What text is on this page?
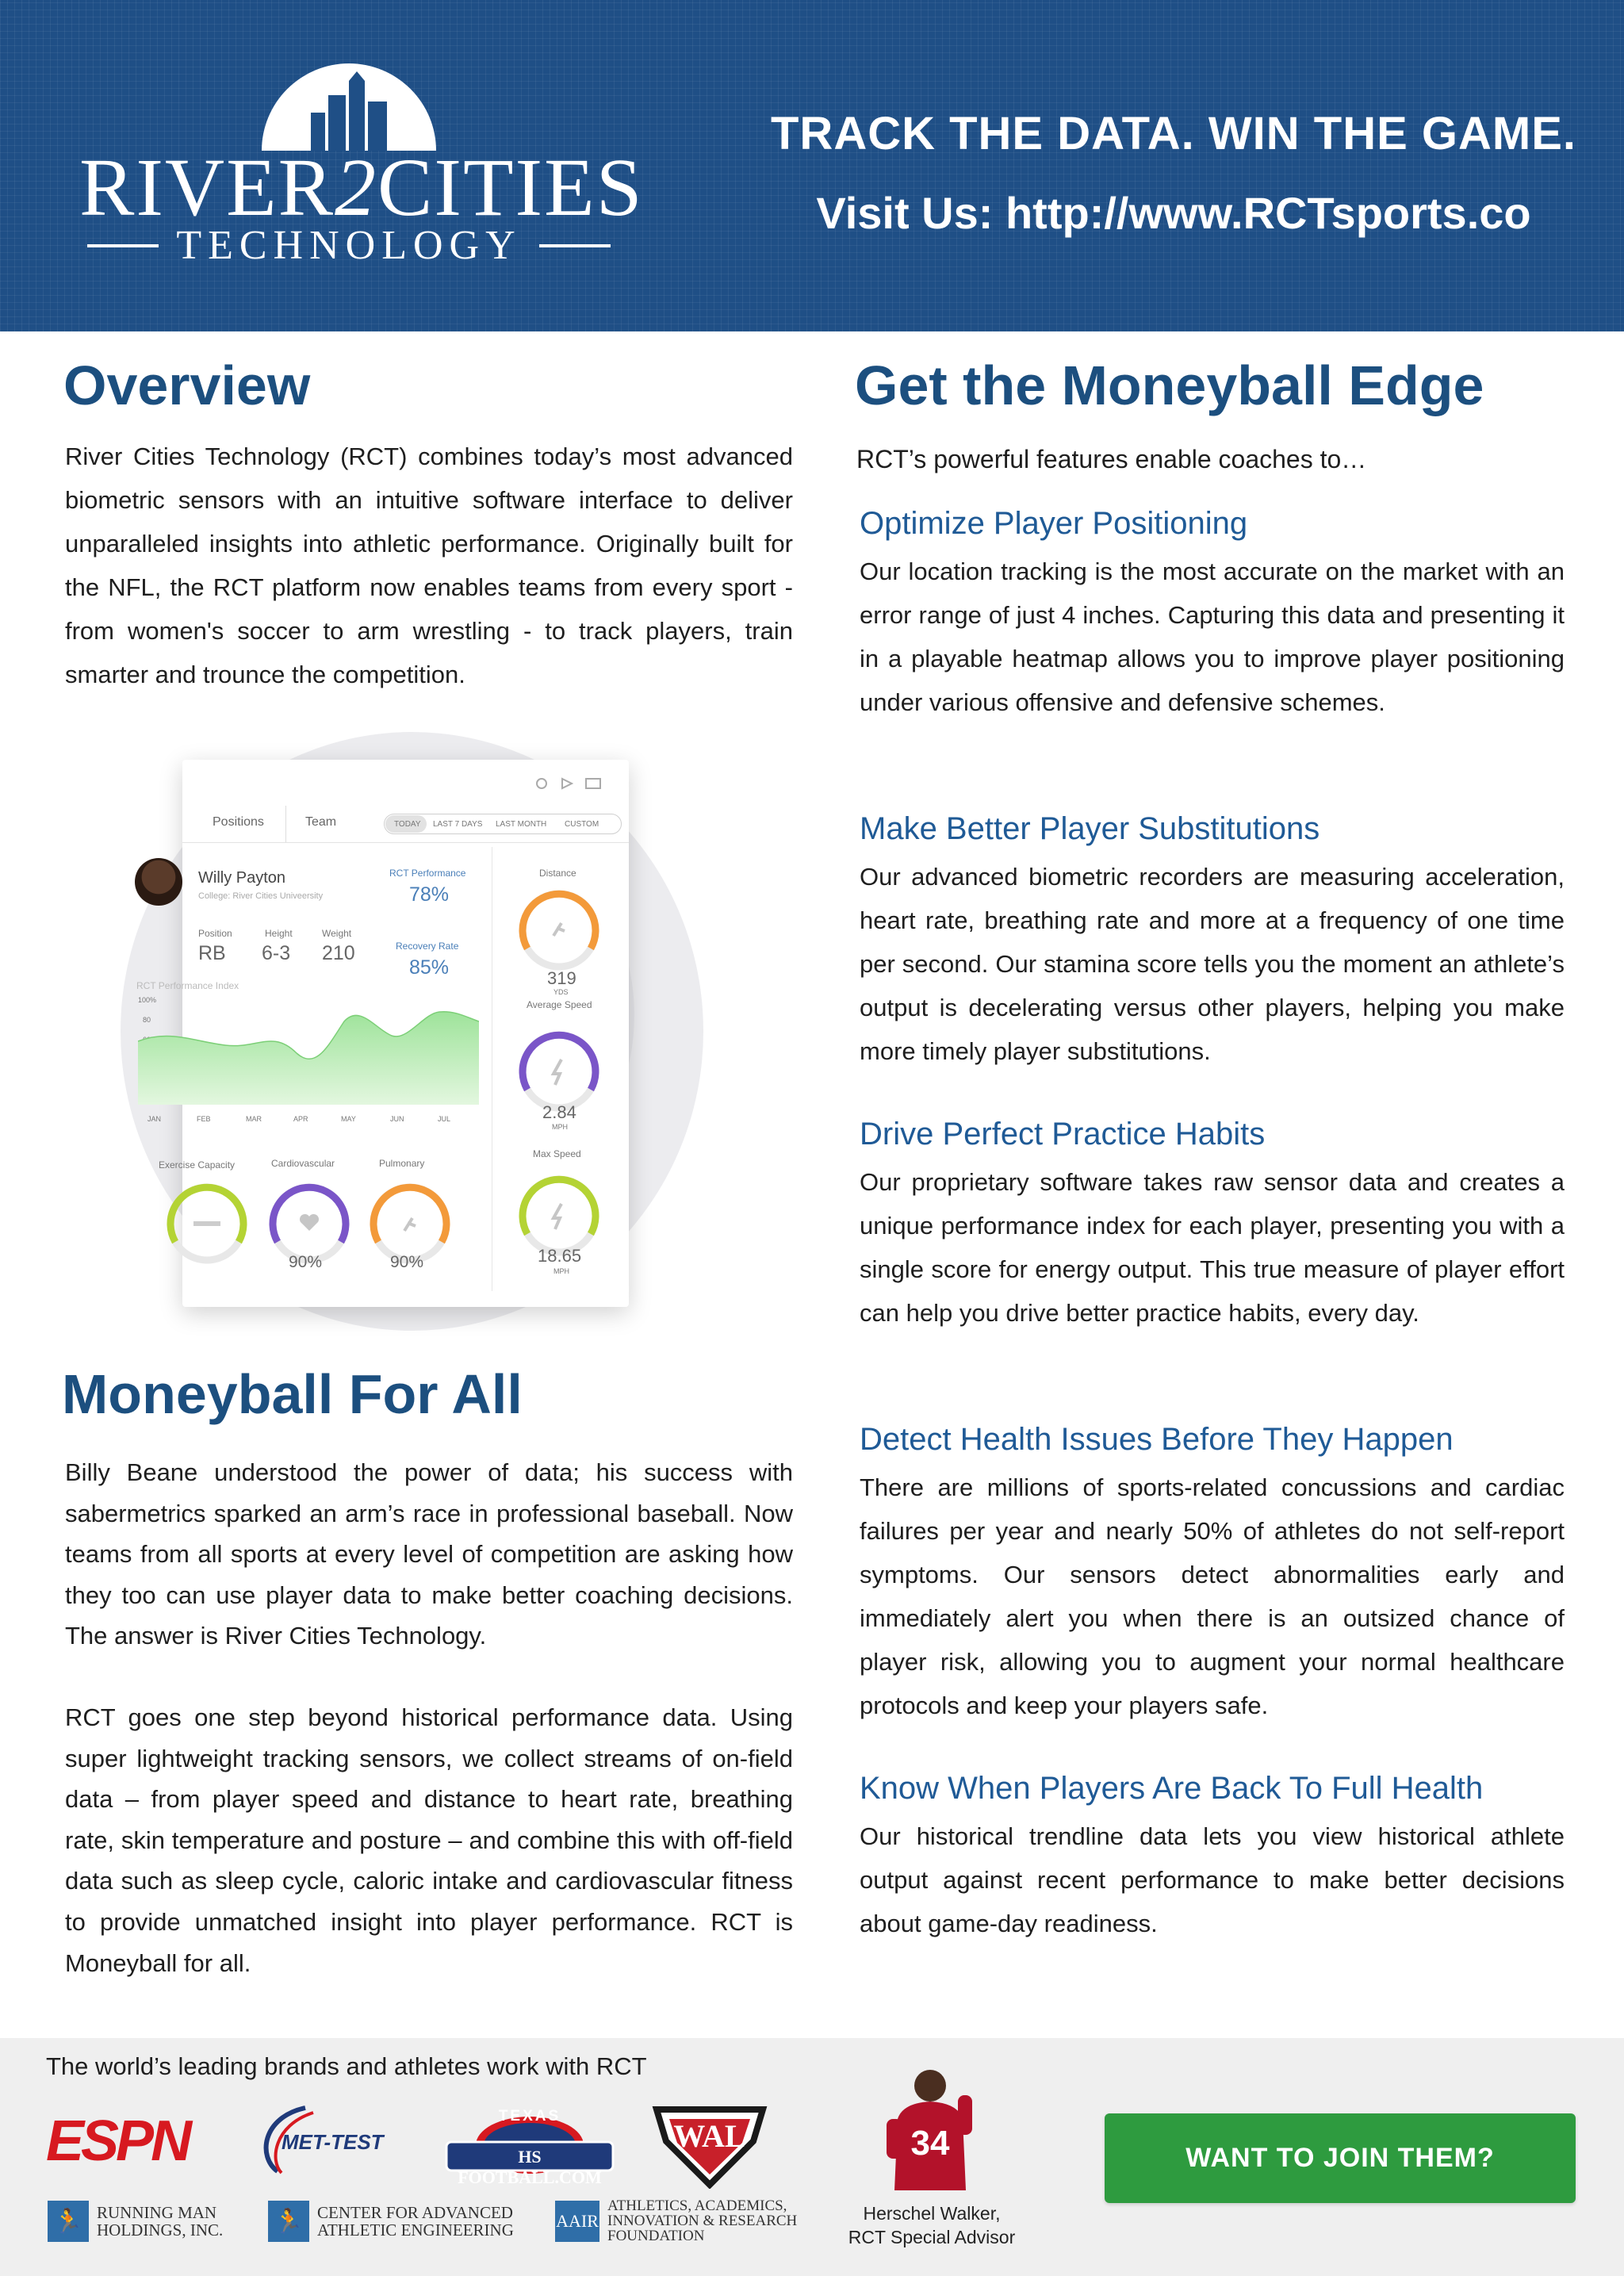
RIVER2CITIES
TECHNOLOGY
TRACK THE DATA. WIN THE GAME.
Visit Us: http://www.RCTsports.co
Overview
River Cities Technology (RCT) combines today’s most advanced biometric sensors with an intuitive software interface to deliver unparalleled insights into athletic performance. Originally built for the NFL, the RCT platform now enables teams from every sport - from women's soccer to arm wrestling - to track players, train smarter and trounce the competition.
Positions	Team	TODAY LAST 7 DAYS LAST MONTH CUSTOM
Willy Payton
College: River Cities Univeersity
Position	Height	Weight
RB 6-3 210
RCT Performance
78%
Recovery Rate
85%
RCT Performance Index
100%
80
JAN	FEB	MAR	APR	MAY	JUN	JUL
Exercise Capacity	Cardiovascular	Pulmonary
90%	90%
Distance
319
YDS
Average Speed
2.84
MPH
Max Speed
18.65
MPH
Moneyball For All
Billy Beane understood the power of data; his success with sabermetrics sparked an arm’s race in professional baseball. Now teams from all sports at every level of competition are asking how they too can use player data to make better coaching decisions. The answer is River Cities Technology.
RCT goes one step beyond historical performance data. Using super lightweight tracking sensors, we collect streams of on-field data – from player speed and distance to heart rate, breathing rate, skin temperature and posture – and combine this with off-field data such as sleep cycle, caloric intake and cardiovascular fitness to provide unmatched insight into player performance. RCT is Moneyball for all.
Get the Moneyball Edge
RCT’s powerful features enable coaches to…
Optimize Player Positioning
Our location tracking is the most accurate on the market with an error range of just 4 inches. Capturing this data and presenting it in a playable heatmap allows you to improve player positioning under various offensive and defensive schemes.
Make Better Player Substitutions
Our advanced biometric recorders are measuring acceleration, heart rate, breathing rate and more at a frequency of one time per second. Our stamina score tells you the moment an athlete’s output is decelerating versus other players, helping you make more timely player substitutions.
Drive Perfect Practice Habits
Our proprietary software takes raw sensor data and creates a unique performance index for each player, presenting you with a single score for energy output. This true measure of player effort can help you drive better practice habits, every day.
Detect Health Issues Before They Happen
There are millions of sports-related concussions and cardiac failures per year and nearly 50% of athletes do not self-report symptoms. Our sensors detect abnormalities early and immediately alert you when there is an outsized chance of player risk, allowing you to augment your normal healthcare protocols and keep your players safe.
Know When Players Are Back To Full Health
Our historical trendline data lets you view historical athlete output against recent performance to make better decisions about game-day readiness.
The world’s leading brands and athletes work with RCT
ESPN	MET-TEST
TEXAS
HS FOOTBALL.COM
WAL
🏃 RUNNING MAN
HOLDINGS, INC. 🏃 CENTER FOR ADVANCED
ATHLETIC ENGINEERING AAIR
ATHLETICS, ACADEMICS,
INNOVATION & RESEARCH
FOUNDATION
34
Herschel Walker,
RCT Special Advisor
WANT TO JOIN THEM?
